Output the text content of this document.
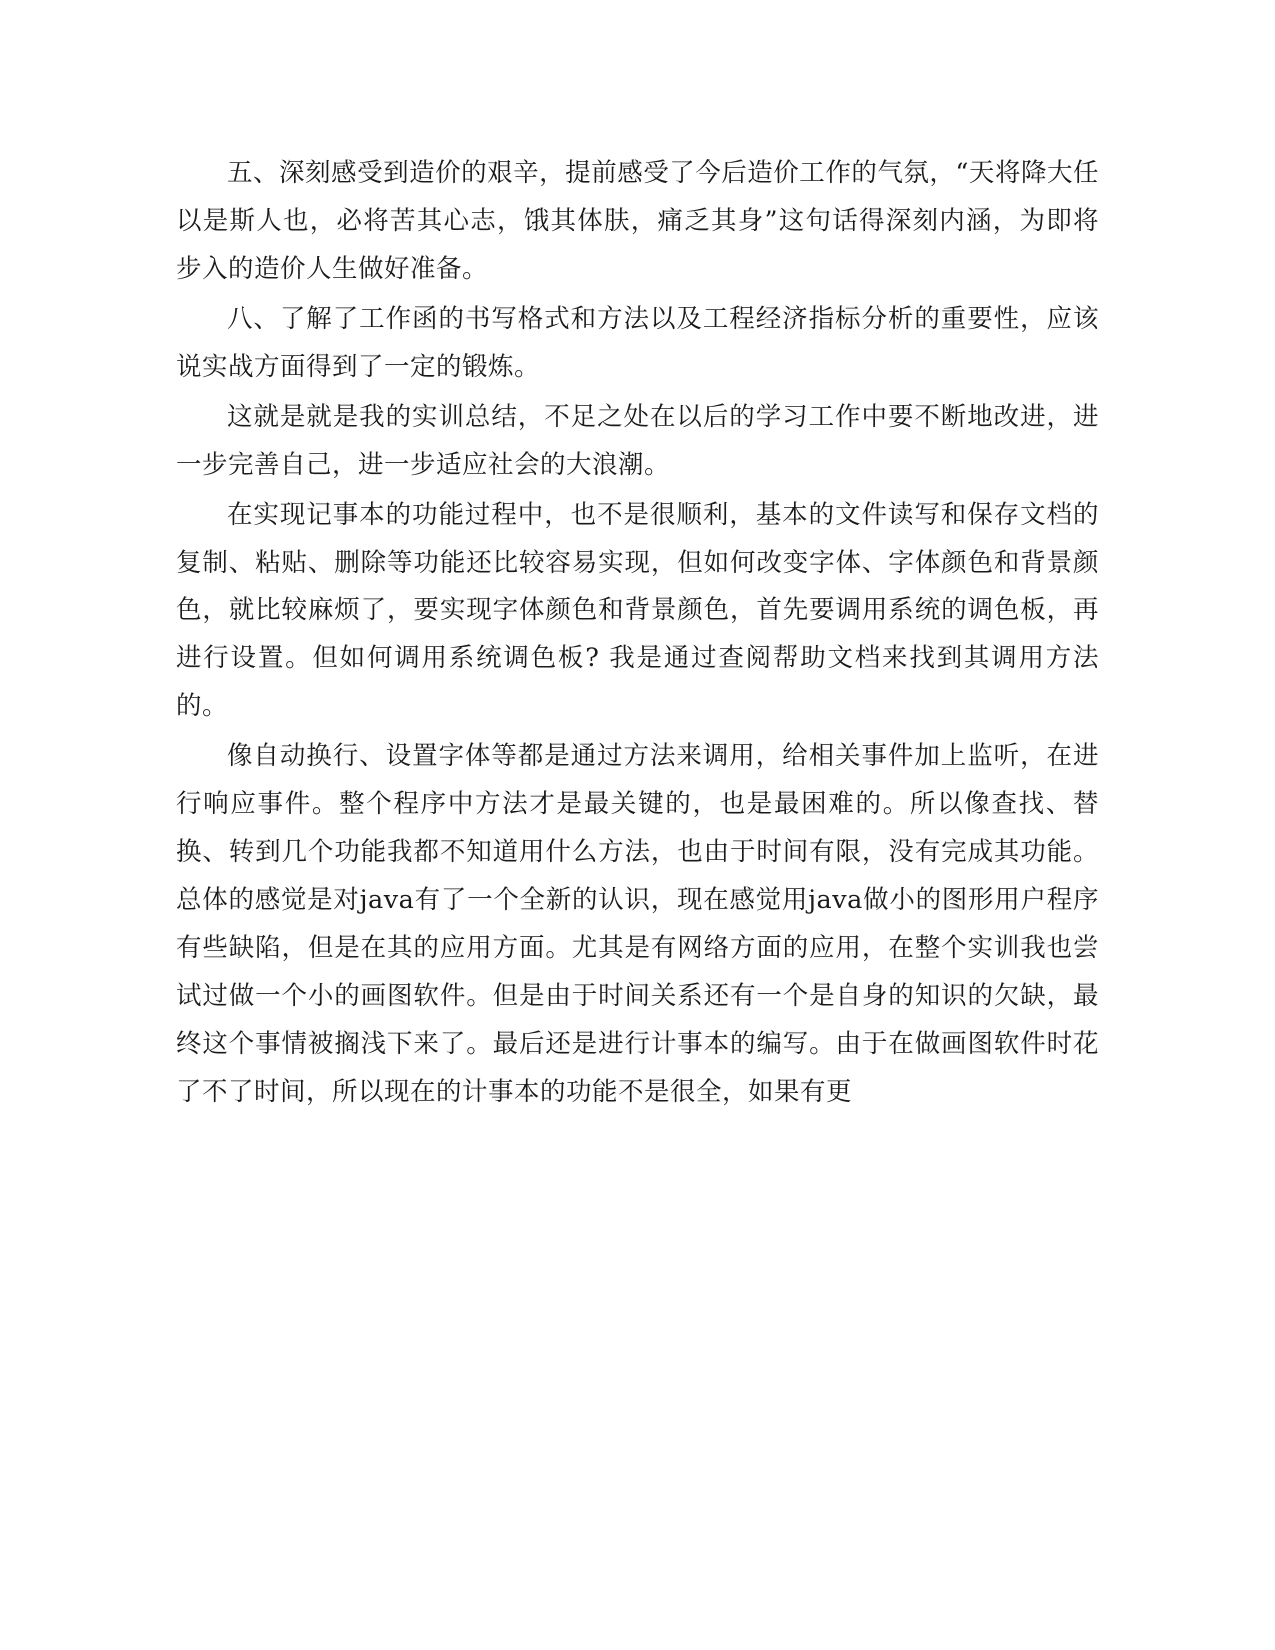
五、深刻感受到造价的艰辛，提前感受了今后造价工作的气氛，“天将降大任以是斯人也，必将苦其心志，饿其体肤，痛乏其身”这句话得深刻内涵，为即将步入的造价人生做好准备。

八、了解了工作函的书写格式和方法以及工程经济指标分析的重要性，应该说实战方面得到了一定的锻炼。

这就是就是我的实训总结，不足之处在以后的学习工作中要不断地改进，进一步完善自己，进一步适应社会的大浪潮。

在实现记事本的功能过程中，也不是很顺利，基本的文件读写和保存文档的复制、粘贴、删除等功能还比较容易实现，但如何改变字体、字体颜色和背景颜色，就比较麻烦了，要实现字体颜色和背景颜色，首先要调用系统的调色板，再进行设置。但如何调用系统调色板? 我是通过查阅帮助文档来找到其调用方法的。

像自动换行、设置字体等都是通过方法来调用，给相关事件加上监听，在进行响应事件。整个程序中方法才是最关键的，也是最困难的。所以像查找、替换、转到几个功能我都不知道用什么方法，也由于时间有限，没有完成其功能。总体的感觉是对java有了一个全新的认识，现在感觉用java做小的图形用户程序有些缺陷，但是在其的应用方面。尤其是有网络方面的应用，在整个实训我也尝试过做一个小的画图软件。但是由于时间关系还有一个是自身的知识的欠缺，最终这个事情被搁浅下来了。最后还是进行计事本的编写。由于在做画图软件时花了不了时间，所以现在的计事本的功能不是很全，如果有更
